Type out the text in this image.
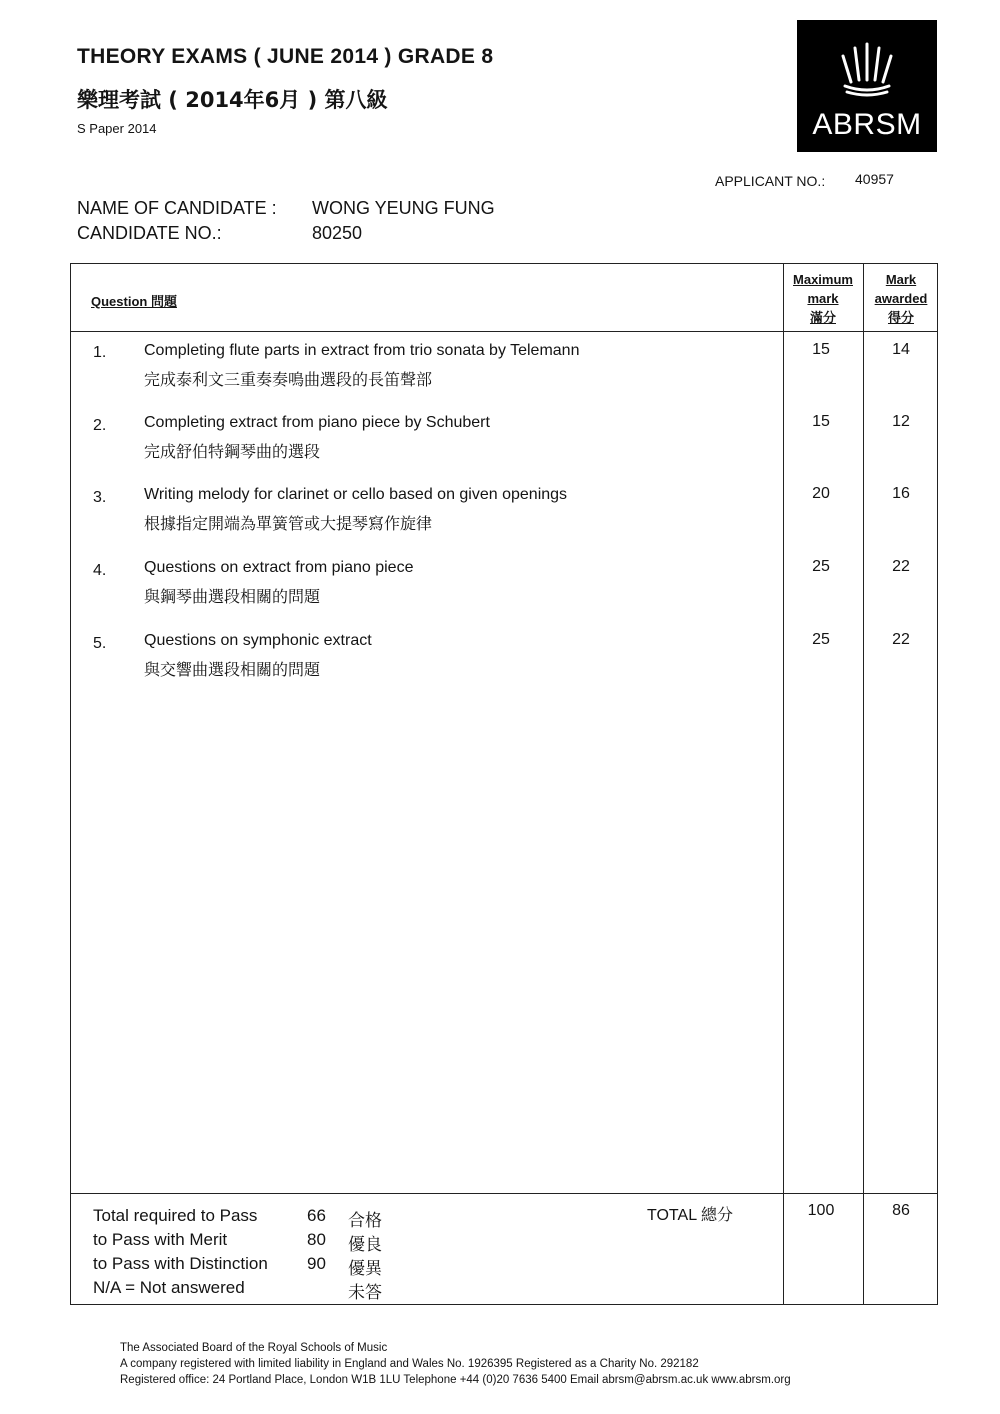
THEORY EXAMS ( JUNE 2014 ) GRADE 8
樂理考試 ( 2014年6月 ) 第八級
S Paper 2014	ABRSM
APPLICANT NO.: 40957
NAME OF CANDIDATE : WONG YEUNG FUNG
CANDIDATE NO.:	80250
Question 問題
Maximum
mark
滿分
Mark
awarded
得分
1. Completing flute parts in extract from trio sonata by Telemann
完成泰利文三重奏奏鳴曲選段的長笛聲部
15	14
2. Completing extract from piano piece by Schubert
完成舒伯特鋼琴曲的選段
15	12
3. Writing melody for clarinet or cello based on given openings
根據指定開端為單簧管或大提琴寫作旋律
20	16
4. Questions on extract from piano piece
與鋼琴曲選段相關的問題
25	22
5. Questions on symphonic extract
與交響曲選段相關的問題
25	22
Total required to Pass	66 合格
to Pass with Merit	80 優良
to Pass with Distinction 90 優異
N/A = Not answered	未答
TOTAL 總分	100	86
The Associated Board of the Royal Schools of Music
A company registered with limited liability in England and Wales No. 1926395 Registered as a Charity No. 292182
Registered office: 24 Portland Place, London W1B 1LU Telephone +44 (0)20 7636 5400 Email abrsm@abrsm.ac.uk www.abrsm.org
